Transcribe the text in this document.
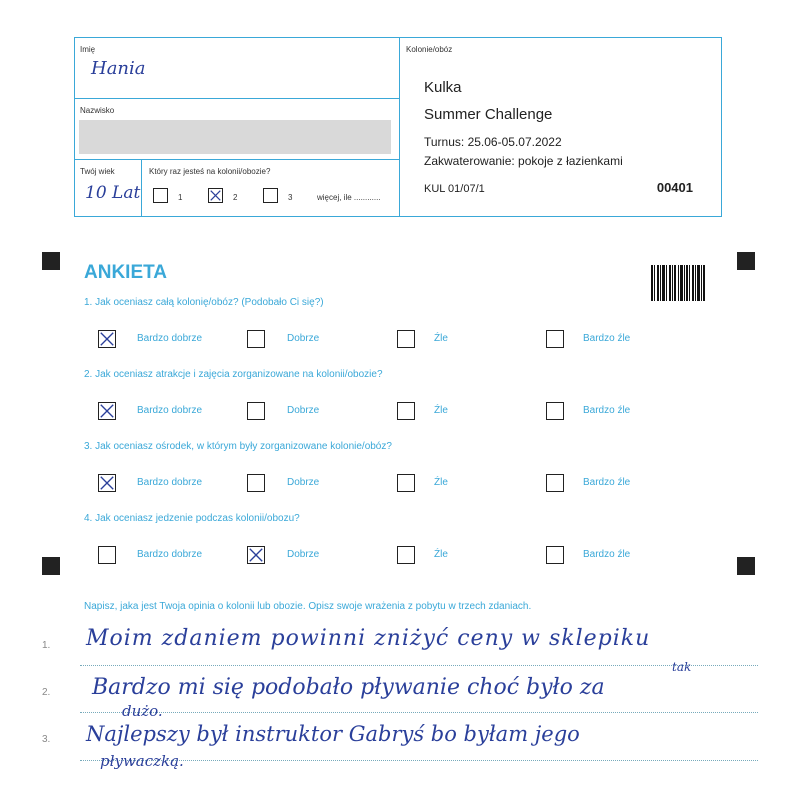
Imię
Hania
Nazwisko
Twój wiek
10 Lat
Który raz jesteś na kolonii/obozie?
1	2	3	więcej, ile ............
Kolonie/obóz
Kulka
Summer Challenge
Turnus: 25.06-05.07.2022
Zakwaterowanie: pokoje z łazienkami
KUL 01/07/1	00401
ANKIETA
1. Jak oceniasz całą kolonię/obóz? (Podobało Ci się?)
Bardzo dobrze	Dobrze	Źle	Bardzo źle
2. Jak oceniasz atrakcje i zajęcia zorganizowane na kolonii/obozie?
Bardzo dobrze	Dobrze	Źle	Bardzo źle
3. Jak oceniasz ośrodek, w którym były zorganizowane kolonie/obóz?
Bardzo dobrze	Dobrze	Źle	Bardzo źle
4. Jak oceniasz jedzenie podczas kolonii/obozu?
Bardzo dobrze	Dobrze	Źle	Bardzo źle
Napisz, jaka jest Twoja opinia o kolonii lub obozie. Opisz swoje wrażenia z pobytu w trzech zdaniach.
1.
2.
3.
Moim zdaniem powinni zniżyć ceny w sklepiku
Bardzo mi się podobało pływanie choć było za
tak
dużo.
Najlepszy był instruktor Gabryś bo byłam jego
pływaczką.
